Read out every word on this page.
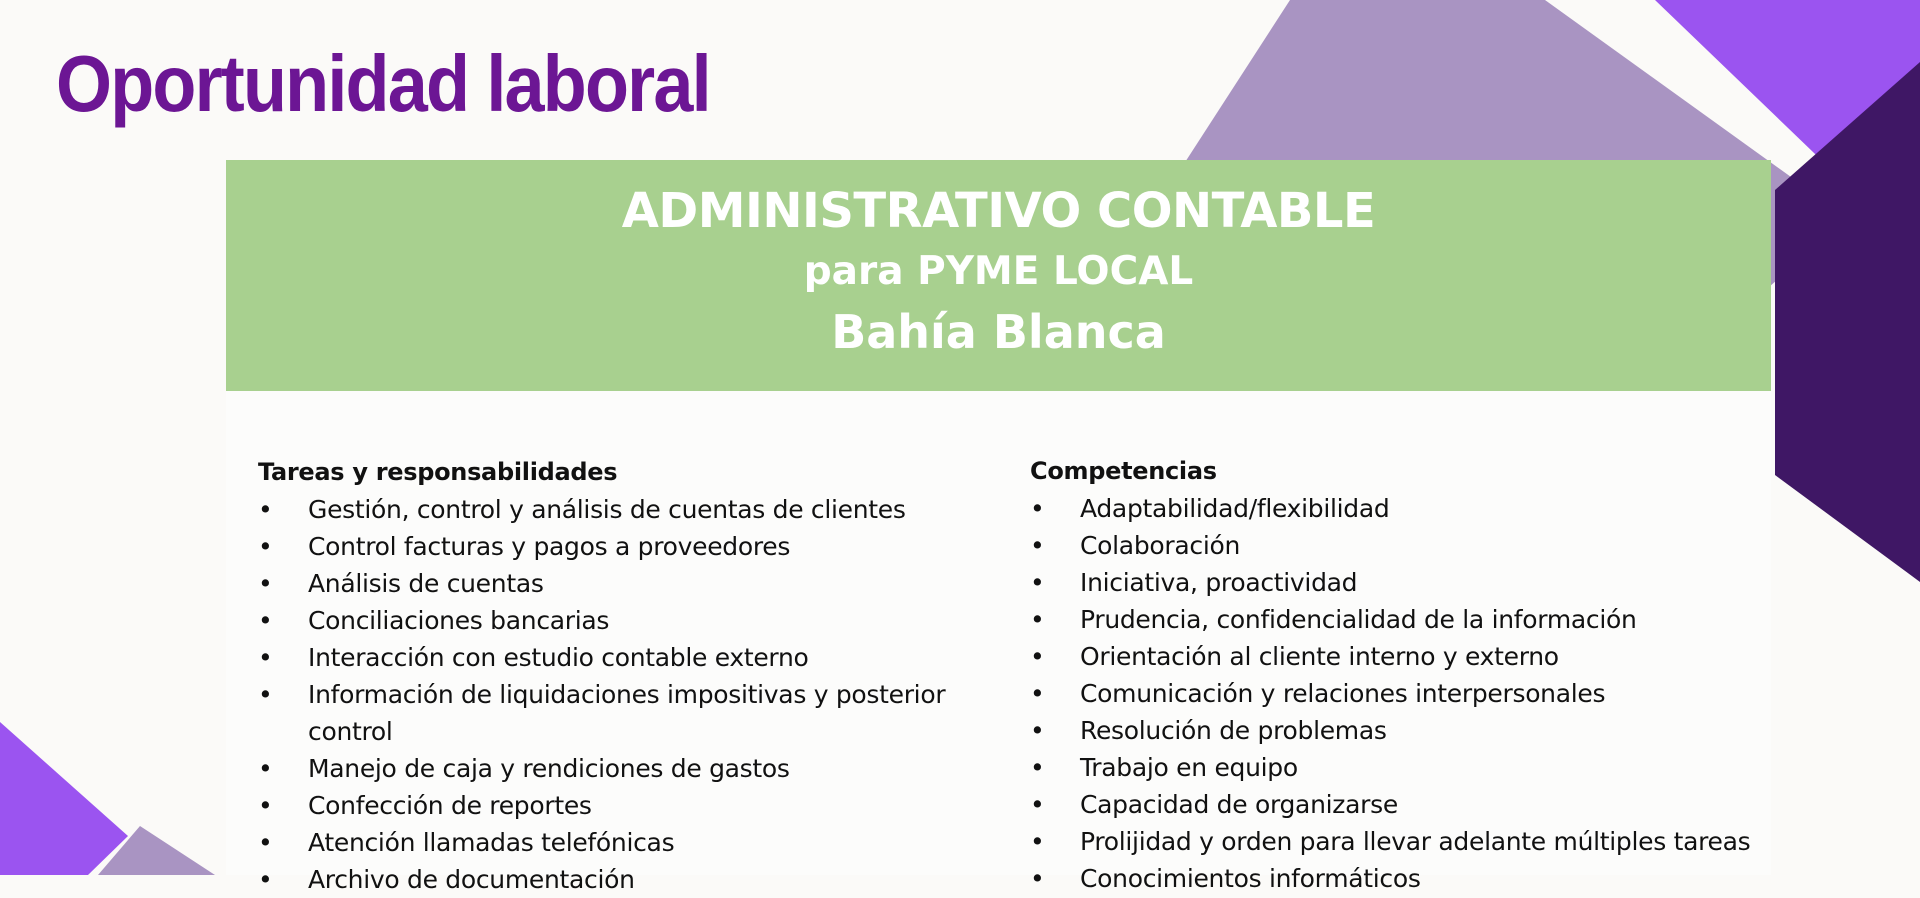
Oportunidad laboral
ADMINISTRATIVO CONTABLE
para PYME LOCAL
Bahía Blanca
Tareas y responsabilidades
• Gestión, control y análisis de cuentas de clientes
• Control facturas y pagos a proveedores
• Análisis de cuentas
• Conciliaciones bancarias
• Interacción con estudio contable externo
• Información de liquidaciones impositivas y posterior control
• Manejo de caja y rendiciones de gastos
• Confección de reportes
• Atención llamadas telefónicas
• Archivo de documentación
Competencias
• Adaptabilidad/flexibilidad
• Colaboración
• Iniciativa, proactividad
• Prudencia, confidencialidad de la información
• Orientación al cliente interno y externo
• Comunicación y relaciones interpersonales
• Resolución de problemas
• Trabajo en equipo
• Capacidad de organizarse
• Prolijidad y orden para llevar adelante múltiples tareas
• Conocimientos informáticos
